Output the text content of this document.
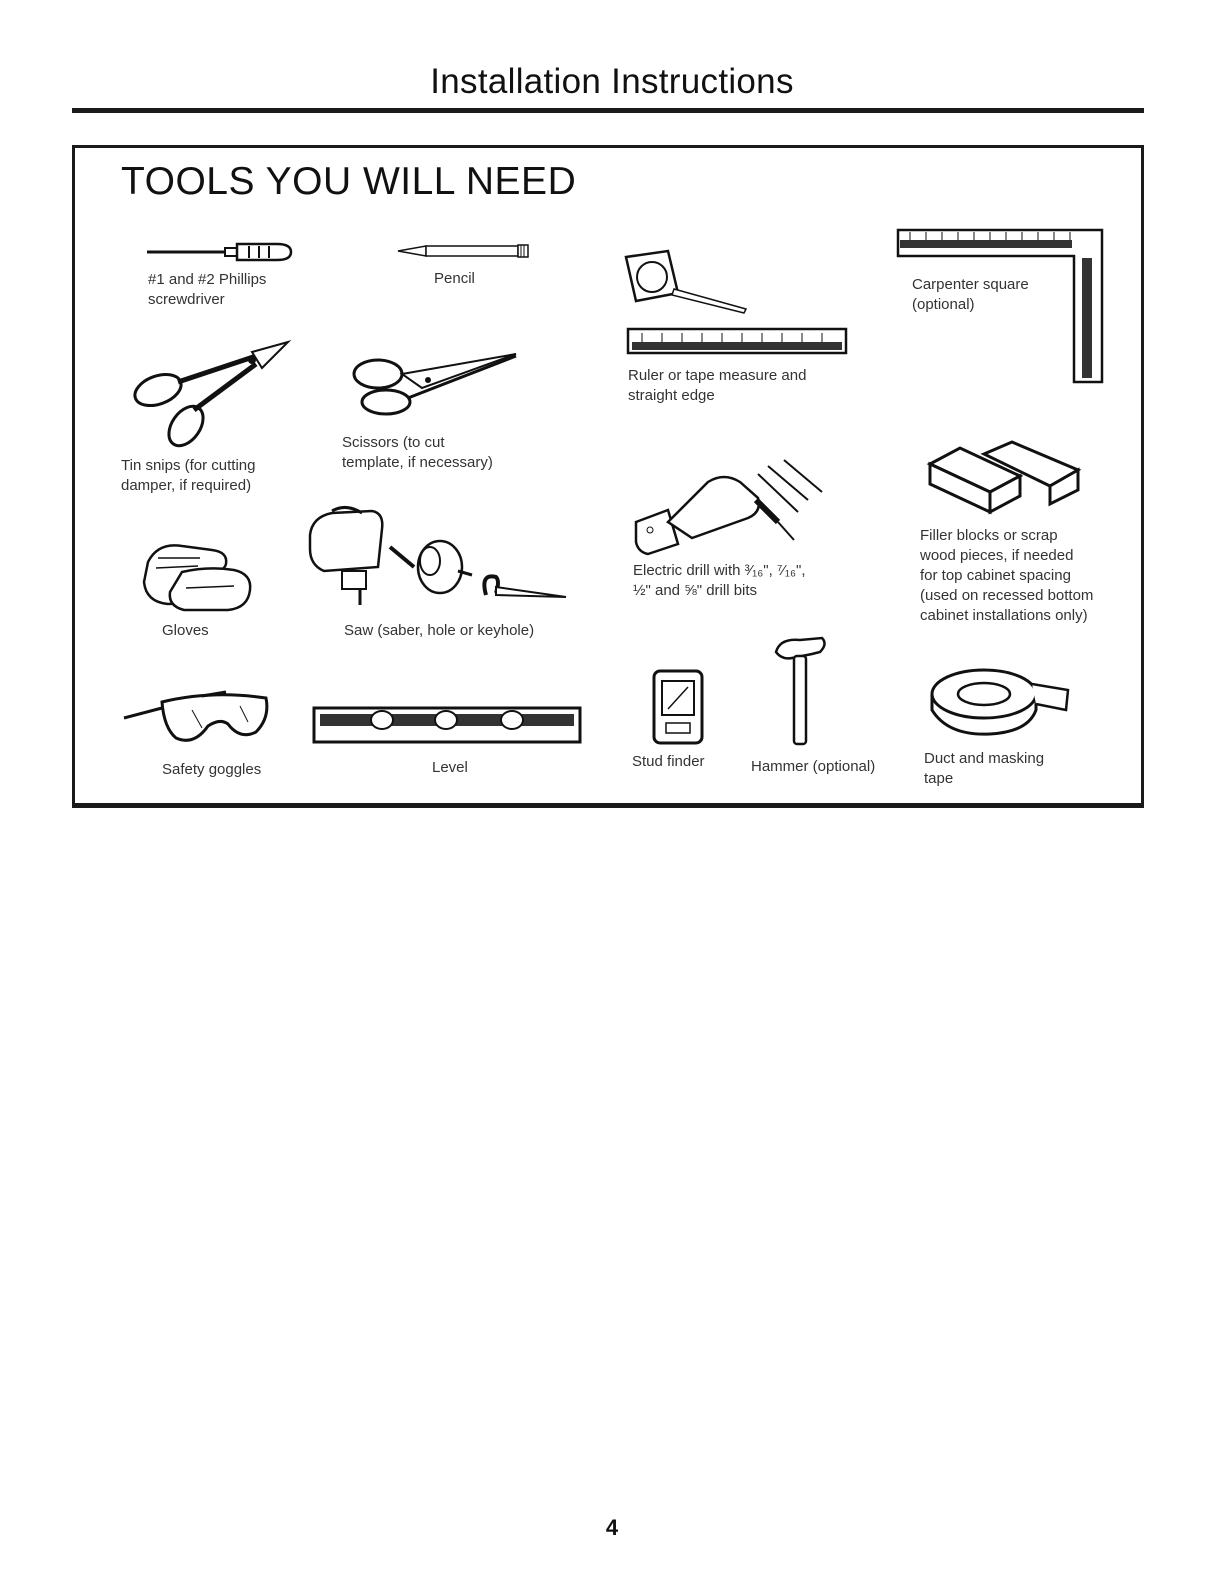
Installation Instructions
TOOLS YOU WILL NEED
#1 and #2 Phillips
screwdriver
Pencil
Ruler or tape measure and
straight edge
Carpenter square
(optional)
Tin snips (for cutting
damper, if required)
Scissors (to cut
template, if necessary)
Gloves	Saw (saber, hole or keyhole)
Electric drill with ³⁄₁₆", ⁷⁄₁₆",
½" and ⅝" drill bits
Filler blocks or scrap
wood pieces, if needed
for top cabinet spacing
(used on recessed bottom
cabinet installations only)
Safety goggles	Level	Stud finder	Hammer (optional)	Duct and masking
tape
4
